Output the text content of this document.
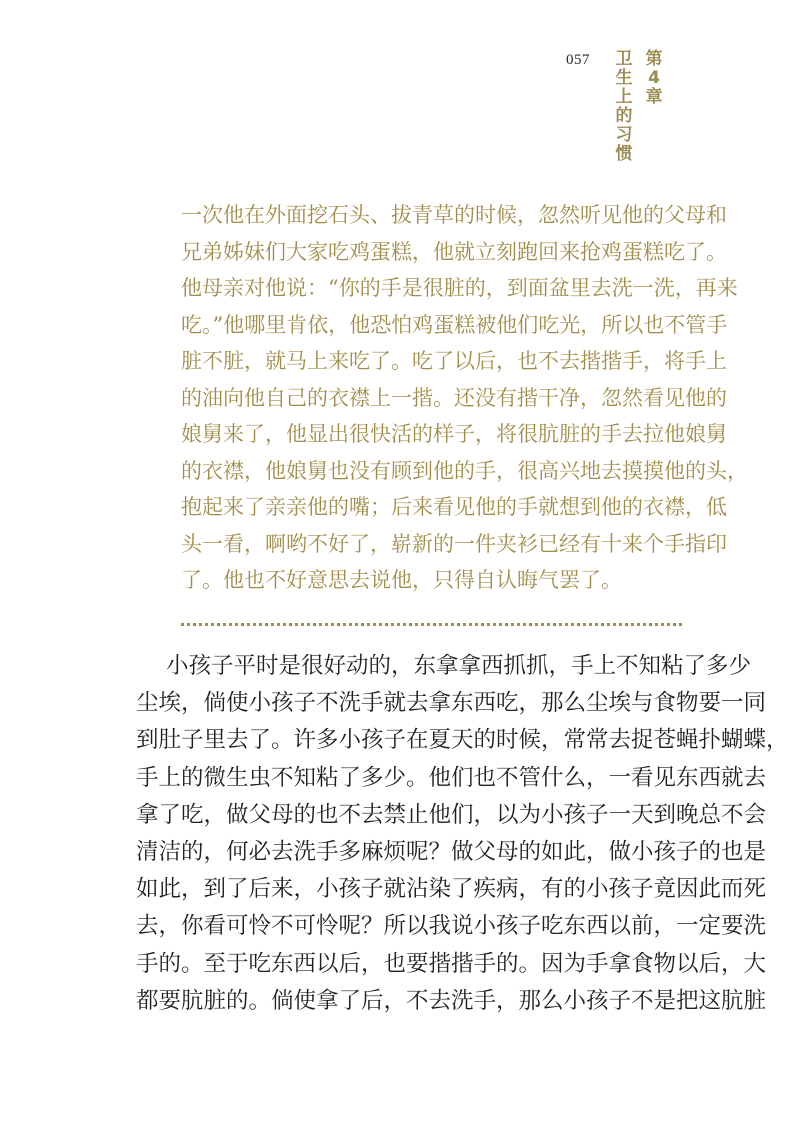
057	第
4
章
卫
生
上
的
习
惯
一次他在外面挖石头、拔青草的时候，忽然听见他的父母和
兄弟姊妹们大家吃鸡蛋糕，他就立刻跑回来抢鸡蛋糕吃了。
他母亲对他说：“你的手是很脏的，到面盆里去洗一洗，再来
吃。”他哪里肯依，他恐怕鸡蛋糕被他们吃光，所以也不管手
脏不脏，就马上来吃了。吃了以后，也不去揩揩手，将手上
的油向他自己的衣襟上一揩。还没有揩干净，忽然看见他的
娘舅来了，他显出很快活的样子，将很肮脏的手去拉他娘舅
的衣襟，他娘舅也没有顾到他的手，很高兴地去摸摸他的头，
抱起来了亲亲他的嘴；后来看见他的手就想到他的衣襟，低
头一看，啊哟不好了，崭新的一件夹衫已经有十来个手指印
了。他也不好意思去说他，只得自认晦气罢了。
小孩子平时是很好动的，东拿拿西抓抓，手上不知粘了多少
尘埃，倘使小孩子不洗手就去拿东西吃，那么尘埃与食物要一同
到肚子里去了。许多小孩子在夏天的时候，常常去捉苍蝇扑蝴蝶，
手上的微生虫不知粘了多少。他们也不管什么，一看见东西就去
拿了吃，做父母的也不去禁止他们，以为小孩子一天到晚总不会
清洁的，何必去洗手多麻烦呢？做父母的如此，做小孩子的也是
如此，到了后来，小孩子就沾染了疾病，有的小孩子竟因此而死
去，你看可怜不可怜呢？所以我说小孩子吃东西以前，一定要洗
手的。至于吃东西以后，也要揩揩手的。因为手拿食物以后，大
都要肮脏的。倘使拿了后，不去洗手，那么小孩子不是把这肮脏
